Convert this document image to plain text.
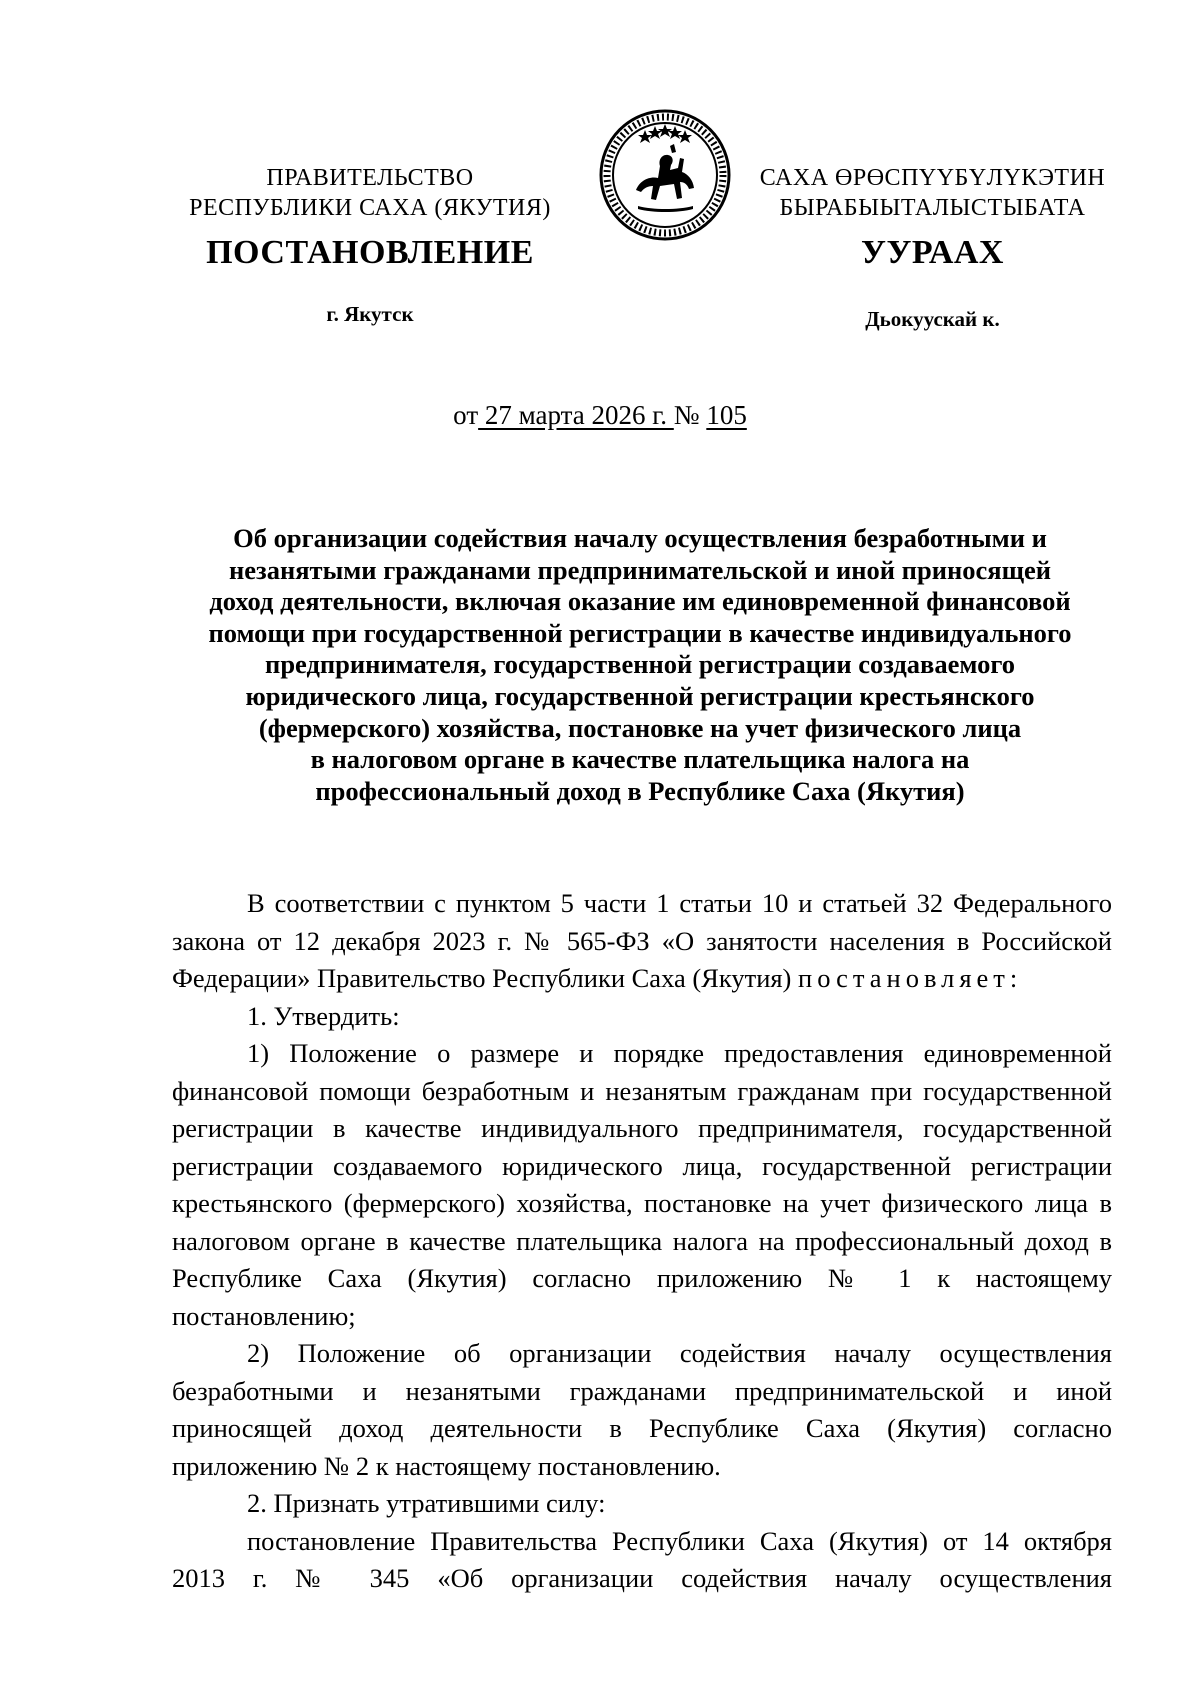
ПРАВИТЕЛЬСТВО
РЕСПУБЛИКИ САХА (ЯКУТИЯ)
САХА ӨРӨСПҮҮБҮЛҮКЭТИН
БЫРАБЫЫТАЛЫСТЫБАТА
ПОСТАНОВЛЕНИЕ	УУРААХ
г. Якутск	Дьокуускай к.
от 27 марта 2026 г. № 105
Об организации содействия началу осуществления безработными и
незанятыми гражданами предпринимательской и иной приносящей
доход деятельности, включая оказание им единовременной финансовой
помощи при государственной регистрации в качестве индивидуального
предпринимателя, государственной регистрации создаваемого
юридического лица, государственной регистрации крестьянского
(фермерского) хозяйства, постановке на учет физического лица
в налоговом органе в качестве плательщика налога на
профессиональный доход в Республике Саха (Якутия)

В соответствии с пунктом 5 части 1 статьи 10 и статьей 32 Федерального закона от 12 декабря 2023 г. № 565-ФЗ «О занятости населения в Российской Федерации» Правительство Республики Саха (Якутия) постановляет:

1. Утвердить:

1) Положение о размере и порядке предоставления единовременной финансовой помощи безработным и незанятым гражданам при государственной регистрации в качестве индивидуального предпринимателя, государственной регистрации создаваемого юридического лица, государственной регистрации крестьянского (фермерского) хозяйства, постановке на учет физического лица в налоговом органе в качестве плательщика налога на профессиональный доход в Республике Саха (Якутия) согласно приложению № 1 к настоящему постановлению;

2) Положение об организации содействия началу осуществления безработными и незанятыми гражданами предпринимательской и иной приносящей доход деятельности в Республике Саха (Якутия) согласно приложению № 2 к настоящему постановлению.

2. Признать утратившими силу:

постановление Правительства Республики Саха (Якутия) от 14 октября 2013 г. № 345 «Об организации содействия началу осуществления
